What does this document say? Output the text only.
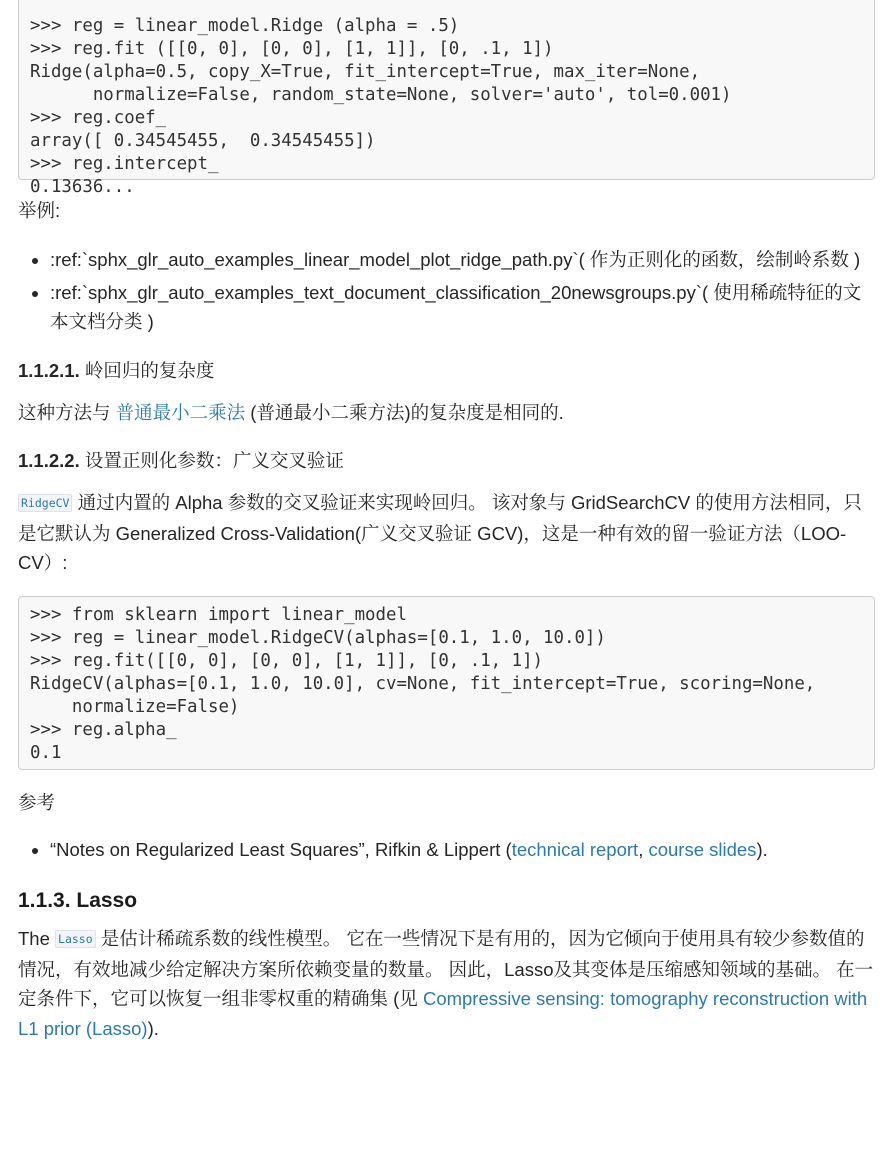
>>> reg = linear_model.Ridge (alpha = .5)
>>> reg.fit ([[0, 0], [0, 0], [1, 1]], [0, .1, 1])
Ridge(alpha=0.5, copy_X=True, fit_intercept=True, max_iter=None,
normalize=False, random_state=None, solver='auto', tol=0.001)
>>> reg.coef_
array([ 0.34545455,  0.34545455])
>>> reg.intercept_
0.13636...

举例:

• :ref:`sphx_glr_auto_examples_linear_model_plot_ridge_path.py`( 作为正则化的函数，绘制岭系数 )
• :ref:`sphx_glr_auto_examples_text_document_classification_20newsgroups.py`( 使用稀疏特征的文本文档分类 )
1.1.2.1. 岭回归的复杂度

这种方法与 普通最小二乘法 (普通最小二乘方法)的复杂度是相同的.

1.1.2.2. 设置正则化参数：广义交叉验证

RidgeCV 通过内置的 Alpha 参数的交叉验证来实现岭回归。 该对象与 GridSearchCV 的使用方法相同，只是它默认为 Generalized Cross-Validation(广义交叉验证 GCV)，这是一种有效的留一验证方法（LOO-CV）:

>>> from sklearn import linear_model
>>> reg = linear_model.RidgeCV(alphas=[0.1, 1.0, 10.0])
>>> reg.fit([[0, 0], [0, 0], [1, 1]], [0, .1, 1])
RidgeCV(alphas=[0.1, 1.0, 10.0], cv=None, fit_intercept=True, scoring=None,
normalize=False)
>>> reg.alpha_
0.1

参考

• “Notes on Regularized Least Squares”, Rifkin & Lippert (technical report, course slides).
1.1.3. Lasso

The Lasso 是估计稀疏系数的线性模型。 它在一些情况下是有用的，因为它倾向于使用具有较少参数值的情况，有效地减少给定解决方案所依赖变量的数量。 因此，Lasso及其变体是压缩感知领域的基础。 在一定条件下，它可以恢复一组非零权重的精确集 (见 Compressive sensing: tomography reconstruction with L1 prior (Lasso)).
